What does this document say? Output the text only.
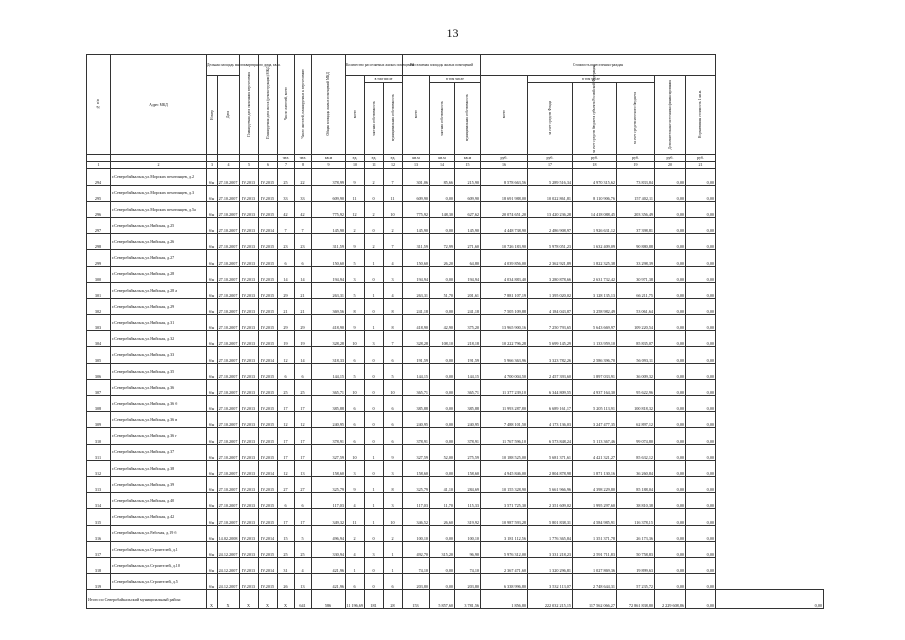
13
№ п/п	Адрес МКД	Дельная площадь многоквартирного дома, кв.м.		Планируемая дата окончания переселения	Планируемая дата сноса (реконструкции) МКД	Число жителей, всего	Число жителей, планируемых к переселению	Общая площадь жилых помещений МКД	Количество расселяемых жилых помещений			Расселяемая площадь жилых помещений			Стоимость переселения граждан						
		Номер	Дата						всего	в том числе		всего	в том числе		всего	в том числе			Дополнительные источники финансирования	Нормативная стоимость 1 кв.м.	
										частная собственность	муниципальная собственность		частная собственность	муниципальная собственность		за счет средств Фонда	за счет средств бюджета субъекта Российской Федерации	за счет средств местного бюджета			
						чел.	чел.	кв.м	ед.	ед.	ед.	кв.м	кв.м	кв.м	руб.	руб.	руб.	руб.	руб.	руб.	
1	2	3	4	5	6	7	8	9	10	11	12	13	14	15	16	17	18	19	20	21	
294	г.Северобайкальск,ул.Морских пехотинцев, д.2	б/н	27.10.2007	IV.2013	IV.2015	25	22	378,99	9	2	7	301,06	85,66	215,90	8 578 663,56	5 289 516,34	4 970 315,62	73 833,84	0,00	0,00	
295	г.Северобайкальск,ул.Морских пехотинцев, д.3	б/н	27.10.2007	IV.2013	IV.2015	33	33	609,90	11	0	11	609,90	0,00	609,90	18 691 988,00	10 022 861,81	8 110 906,76	157 402,11	0,00	0,00	
296	г.Северобайкальск,ул.Морских пехотинцев, д.5а	б/н	27.10.2007	IV.2013	IV.2015	42	42	775,92	12	2	10	775,92	148,30	627,62	20 074 651,20	13 420 236,28	14 418 088,45	203 356,49	0,00	0,00	
297	г.Северобайкальск,ул.Нийская, д.25	б/н	27.10.2007	IV.2013	IV.2014	7	7	145,90	2	0	2	145,90	0,00	145,90	4 448 738,90	2 486 908,97	1 926 631,12	37 398,81	0,00	0,00	
298	г.Северобайкальск,ул.Нийская, д.26	б/н	27.10.2007	IV.2013	IV.2015	23	23	311,59	9	2	7	311,59	72,99	271,60	10 726 183,90	5 978 051,23	1 632 409,09	90 880,88	0,00	0,00	
299	г.Северобайкальск,ул.Нийская, д.27	б/н	27.10.2007	IV.2013	IV.2015	6	6	150,60	5	1	4	150,60	26,20	64,80	4 039 856,00	2 362 921,89	1 822 325,38	33 298,39	0,00	0,00	
300	г.Северобайкальск,ул.Нийская, д.28	б/н	27.10.2007	IV.2013	IV.2015	14	14	194,94	3	0	3	194,94	0,00	194,94	4 034 883,40	3 280 878,66	2 631 732,42	30 971,38	0,00	0,00	
301	г.Северобайкальск,ул.Нийская, д.28 а	б/н	27.10.2007	IV.2013	IV.2015	29	21	263,31	5	1	4	263,31	51,70	201,61	7 881 107,19	1 395 020,02	3 128 135,13	66 211,75	0,00	0,00	
302	г.Северобайкальск,ул.Нийская, д.29	б/н	27.10.2007	IV.2013	IV.2015	21	21	369,56	8	0	8	241,18	0,00	241,18	7 505 109,88	4 184 043,87	3 258 982,49	53 061,64	0,00	0,00	
303	г.Северобайкальск,ул.Нийская, д.31	б/н	27.10.2007	IV.2013	IV.2015	29	29	418,90	9	1	8	418,90	42,90	375,20	13 965 900,16	7 250 793,65	5 643 669,97	109 220,54	0,00	0,00	
304	г.Северобайкальск,ул.Нийская, д.32	б/н	27.10.2007	IV.2013	IV.2015	19	19	328,28	10	3	7	328,28	108,10	218,18	10 222 796,28	5 699 145,29	1 133 959,10	85 835,07	0,00	0,00	
305	г.Северобайкальск,ул.Нийская, д.33	б/н	27.10.2007	IV.2013	IV.2014	12	14	318,33	6	0	6	191,59	0,00	191,59	5 966 363,96	3 323 782,26	2 586 396,70	56 093,11	0,00	0,00	
306	г.Северобайкальск,ул.Нийская, д.35	б/н	27.10.2007	IV.2013	IV.2015	6	6	144,15	5	0	5	144,15	0,00	144,15	4 700 004,50	2 457 393,60	1 897 033,91	36 009,32	0,00	0,00	
307	г.Северобайкальск,ул.Нийская, д.36	б/н	27.10.2007	IV.2013	IV.2015	25	25	365,71	10	0	10	365,71	0,00	365,71	11 377 239,10	6 344 809,55	4 937 164,30	95 622,96	0,00	0,00	
308	г.Северобайкальск,ул.Нийская, д.36 б	б/н	27.10.2007	IV.2013	IV.2015	17	17	385,88	6	0	6	385,88	0,00	385,88	11 993 287,80	6 689 161,17	5 205 113,91	100 818,32	0,00	0,00	
309	г.Северобайкальск,ул.Нийская, д.36 в	б/н	27.10.2007	IV.2013	IV.2015	12	12	240,95	6	0	6	240,95	0,00	240,95	7 488 101,50	4 173 136,03	3 247 477,35	62 897,12	0,00	0,00	
310	г.Северобайкальск,ул.Нийская, д.36 г	б/н	27.10.2007	IV.2013	IV.2015	17	17	378,91	6	0	6	378,91	0,00	378,91	11 767 596,10	6 573 848,24	5 113 367,46	99 074,80	0,00	0,00	
311	г.Северобайкальск,ул.Нийская, д.37	б/н	27.10.2007	IV.2013	IV.2015	17	17	327,59	10	1	9	327,59	52,00	275,59	10 188 525,00	5 681 371,61	4 421 321,27	85 632,12	0,00	0,00	
312	г.Северобайкальск,ул.Нийская, д.38	б/н	27.10.2007	IV.2013	IV.2014	12	13	158,60	3	0	3	158,60	0,00	158,60	4 945 846,00	2 804 878,98	1 871 130,16	36 260,84	0,00	0,00	
313	г.Северобайкальск,ул.Нийская, д.39	б/н	27.10.2007	IV.2013	IV.2015	27	27	325,79	9	1	8	325,79	41,10	284,69	10 155 328,90	5 661 966,96	4 398 229,80	85 188,04	0,00	0,00	
314	г.Северобайкальск,ул.Нийская, д.40	б/н	27.10.2007	IV.2013	IV.2015	6	6	117,03	4	1	3	117,03	11,70	115,33	3 571 725,30	2 351 609,02	1 995 297,60	38 810,38	0,00	0,00	
315	г.Северобайкальск,ул.Нийская, д.42	б/н	27.10.2007	IV.2013	IV.2015	17	17	349,32	11	1	10	346,52	26,60	319,92	10 987 593,28	5 801 838,31	4 584 985,91	116 378,15	0,00	0,00	
316	г.Северобайкальск,ул.Рабочая, д.19 б	б/н	14.02.2008	IV.2013	IV.2014	15	5	496,94	2	0	2	100,10	0,00	100,10	3 181 112,56	1 776 365,84	1 351 371,78	26 173,36	0,00	0,00	
317	г.Северобайкальск,ул.Строителей, д.1	б/н	24.12.2007	IV.2013	IV.2015	25	25	330,94	4	3	1	492,70	315,20	96,90	5 976 312,00	3 331 218,23	2 591 711,83	50 758,83	0,00	0,00	
318	г.Северобайкальск,ул.Строителей, д.10	б/н	24.12.2007	IV.2013	IV.2014	31	4	421,96	1	0	1	74,10	0,00	74,10	2 367 471,60	1 320 296,81	1 027 869,36	19 899,63	0,00	0,00	
319	г.Северобайкальск,ул.Строителей, д.5	б/н	24.12.2007	IV.2013	IV.2015	26	13	421,96	6	0	6	203,80	0,00	203,80	6 338 996,80	3 532 113,07	2 748 644,31	57 235,72	0,00	0,00	
Итого по Северобайкальский муниципальный район:		X	X	X	X	X	641	586	11 196,69	181	28	153	5 857,60	3 781,56	1 856,80	222 032 215,15	117 562 066,27	72 861 838,80	2 229 608,86	0,00	0,00
